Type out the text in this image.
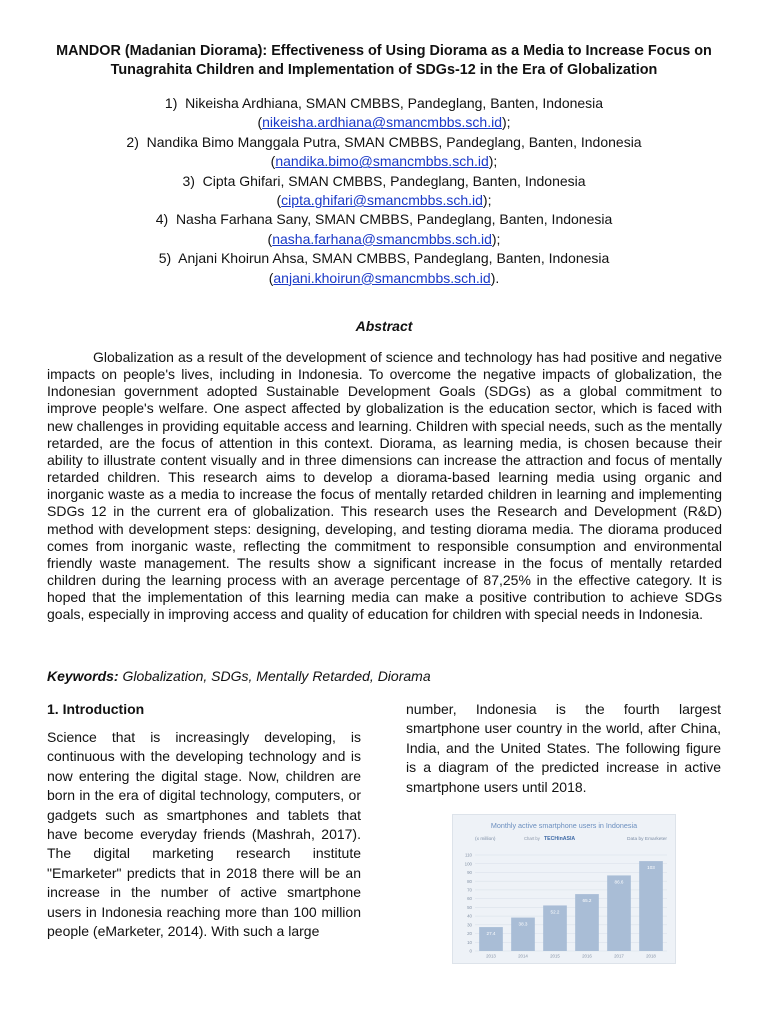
MANDOR (Madanian Diorama): Effectiveness of Using Diorama as a Media to Increase Focus on Tunagrahita Children and Implementation of SDGs-12 in the Era of Globalization
1) Nikeisha Ardhiana, SMAN CMBBS, Pandeglang, Banten, Indonesia
(nikeisha.ardhiana@smancmbbs.sch.id);
2) Nandika Bimo Manggala Putra, SMAN CMBBS, Pandeglang, Banten, Indonesia
(nandika.bimo@smancmbbs.sch.id);
3) Cipta Ghifari, SMAN CMBBS, Pandeglang, Banten, Indonesia
(cipta.ghifari@smancmbbs.sch.id);
4) Nasha Farhana Sany, SMAN CMBBS, Pandeglang, Banten, Indonesia
(nasha.farhana@smancmbbs.sch.id);
5) Anjani Khoirun Ahsa, SMAN CMBBS, Pandeglang, Banten, Indonesia
(anjani.khoirun@smancmbbs.sch.id).
Abstract

Globalization as a result of the development of science and technology has had positive and negative impacts on people's lives, including in Indonesia. To overcome the negative impacts of globalization, the Indonesian government adopted Sustainable Development Goals (SDGs) as a global commitment to improve people's welfare. One aspect affected by globalization is the education sector, which is faced with new challenges in providing equitable access and learning. Children with special needs, such as the mentally retarded, are the focus of attention in this context. Diorama, as learning media, is chosen because their ability to illustrate content visually and in three dimensions can increase the attraction and focus of mentally retarded children. This research aims to develop a diorama-based learning media using organic and inorganic waste as a media to increase the focus of mentally retarded children in learning and implementing SDGs 12 in the current era of globalization. This research uses the Research and Development (R&D) method with development steps: designing, developing, and testing diorama media. The diorama produced comes from inorganic waste, reflecting the commitment to responsible consumption and environmental friendly waste management. The results show a significant increase in the focus of mentally retarded children during the learning process with an average percentage of 87,25% in the effective category. It is hoped that the implementation of this learning media can make a positive contribution to achieve SDGs goals, especially in improving access and quality of education for children with special needs in Indonesia.

Keywords: Globalization, SDGs, Mentally Retarded, Diorama
1. Introduction

Science that is increasingly developing, is continuous with the developing technology and is now entering the digital stage. Now, children are born in the era of digital technology, computers, or gadgets such as smartphones and tablets that have become everyday friends (Mashrah, 2017). The digital marketing research institute "Emarketer" predicts that in 2018 there will be an increase in the number of active smartphone users in Indonesia reaching more than 100 million people (eMarketer, 2014). With such a large

number, Indonesia is the fourth largest smartphone user country in the world, after China, India, and the United States. The following figure is a diagram of the predicted increase in active smartphone users until 2018.

Monthly active smartphone users in Indonesia
(x million)	Chart by TECHinASIA	Data by Emarketer
0
10
20
30
40
50
60
70
80
90
100
110
27.4
2013
38.3
2014
52.2
2015
65.2
2016
86.6
2017
103
2018
